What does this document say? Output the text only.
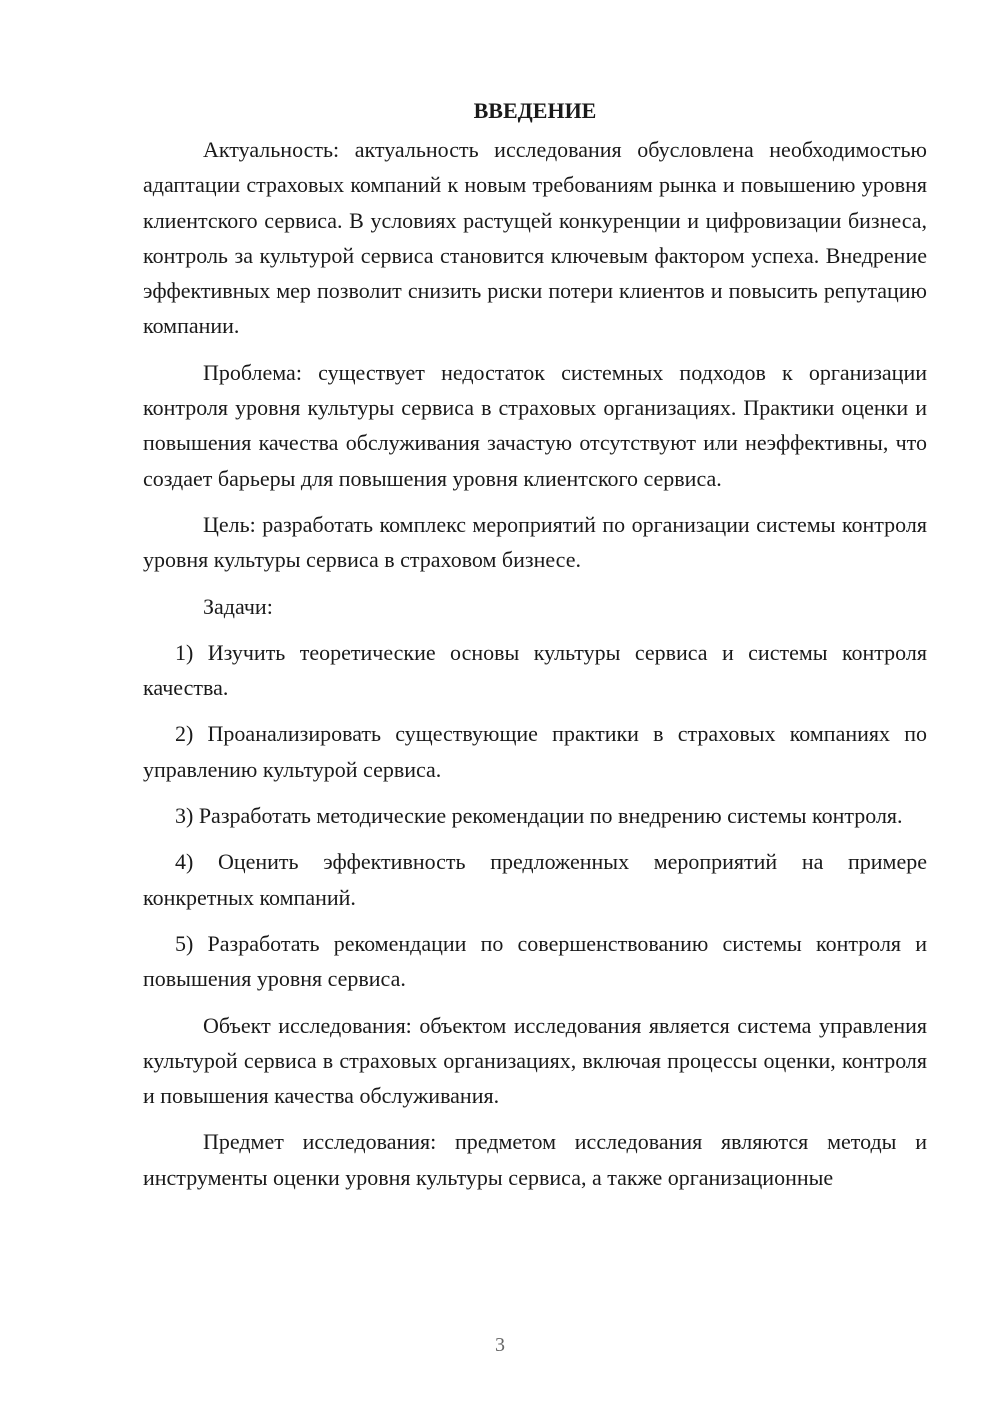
ВВЕДЕНИЕ

Актуальность: актуальность исследования обусловлена необходимостью адаптации страховых компаний к новым требованиям рынка и повышению уровня клиентского сервиса. В условиях растущей конкуренции и цифровизации бизнеса, контроль за культурой сервиса становится ключевым фактором успеха. Внедрение эффективных мер позволит снизить риски потери клиентов и повысить репутацию компании.

Проблема: существует недостаток системных подходов к организации контроля уровня культуры сервиса в страховых организациях. Практики оценки и повышения качества обслуживания зачастую отсутствуют или неэффективны, что создает барьеры для повышения уровня клиентского сервиса.

Цель: разработать комплекс мероприятий по организации системы контроля уровня культуры сервиса в страховом бизнесе.

Задачи:

1) Изучить теоретические основы культуры сервиса и системы контроля качества.

2) Проанализировать существующие практики в страховых компаниях по управлению культурой сервиса.

3) Разработать методические рекомендации по внедрению системы контроля.

4) Оценить эффективность предложенных мероприятий на примере конкретных компаний.

5) Разработать рекомендации по совершенствованию системы контроля и повышения уровня сервиса.

Объект исследования: объектом исследования является система управления культурой сервиса в страховых организациях, включая процессы оценки, контроля и повышения качества обслуживания.

Предмет исследования: предметом исследования являются методы и инструменты оценки уровня культуры сервиса, а также организационные

3
